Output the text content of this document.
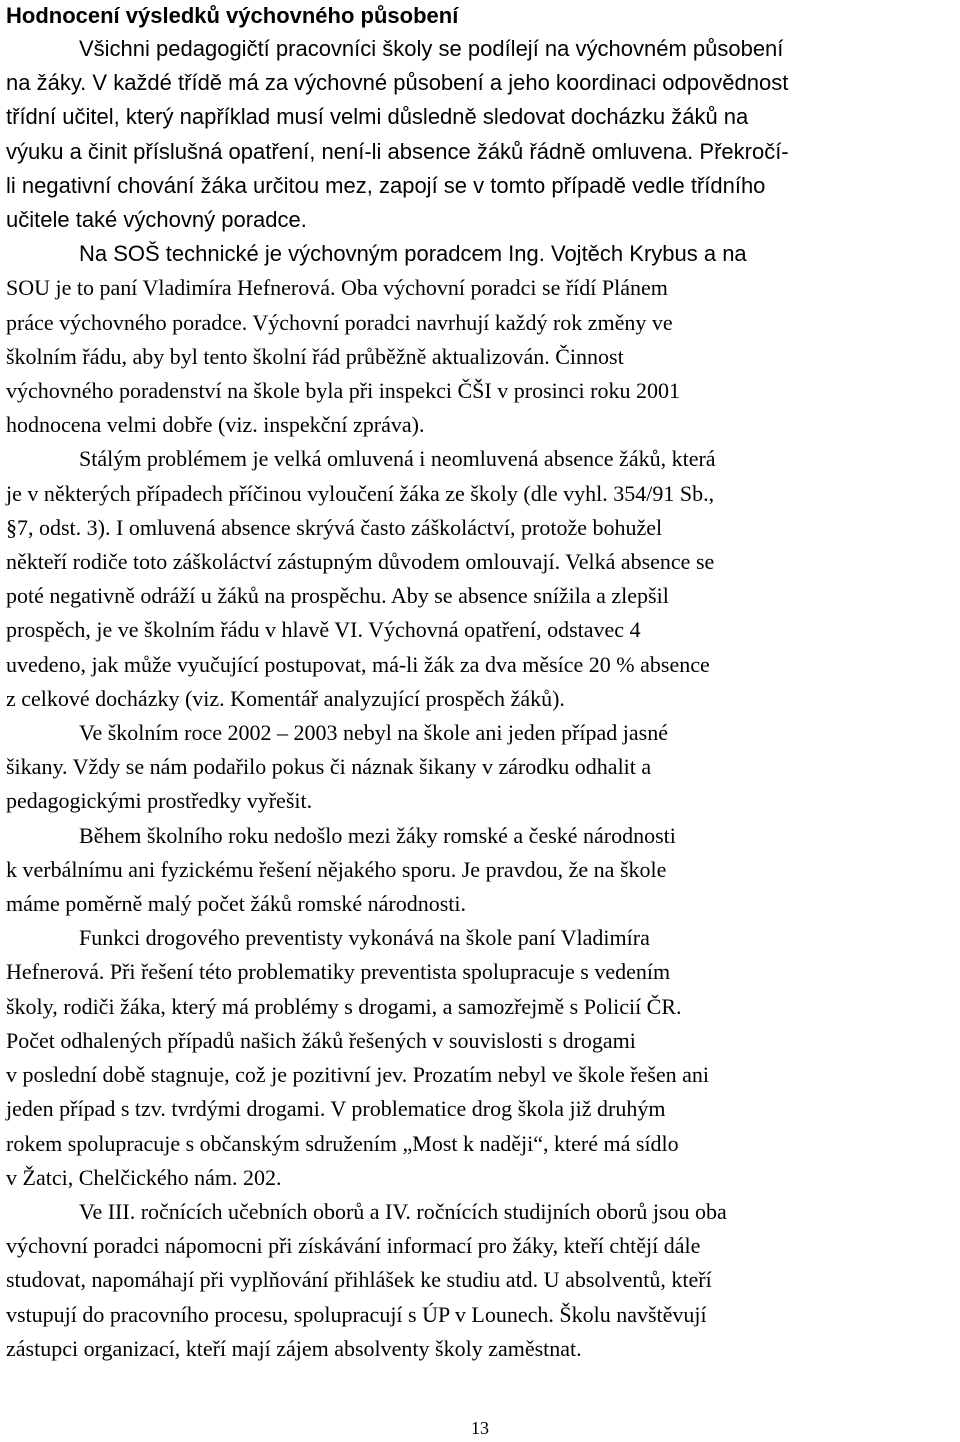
Hodnocení výsledků výchovného působení
Všichni pedagogičtí pracovníci školy se podílejí na výchovném působení
na žáky. V každé třídě má za výchovné působení a jeho koordinaci odpovědnost
třídní učitel, který například musí velmi důsledně sledovat docházku žáků na
výuku a činit příslušná opatření, není-li absence žáků řádně omluvena. Překročí-
li negativní chování žáka určitou mez, zapojí se v tomto případě vedle třídního
učitele také výchovný poradce.
Na SOŠ technické je výchovným poradcem Ing. Vojtěch Krybus a na
SOU je to paní Vladimíra Hefnerová. Oba výchovní poradci se řídí Plánem
práce výchovného poradce. Výchovní poradci navrhují každý rok změny ve
školním řádu, aby byl tento školní řád průběžně aktualizován. Činnost
výchovného poradenství na škole byla při inspekci ČŠI v prosinci roku 2001
hodnocena velmi dobře (viz. inspekční zpráva).
Stálým problémem je velká omluvená i neomluvená absence žáků, která
je v některých případech příčinou vyloučení žáka ze školy (dle vyhl. 354/91 Sb.,
§7, odst. 3). I omluvená absence skrývá často záškoláctví, protože bohužel
někteří rodiče toto záškoláctví zástupným důvodem omlouvají. Velká absence se
poté negativně odráží u žáků na prospěchu. Aby se absence snížila a zlepšil
prospěch, je ve školním řádu v hlavě VI. Výchovná opatření, odstavec 4
uvedeno, jak může vyučující postupovat, má-li žák za dva měsíce 20 % absence
z celkové docházky (viz. Komentář analyzující prospěch žáků).
Ve školním roce 2002 – 2003 nebyl na škole ani jeden případ jasné
šikany. Vždy se nám podařilo pokus či náznak šikany v zárodku odhalit a
pedagogickými prostředky vyřešit.
Během školního roku nedošlo mezi žáky romské a české národnosti
k verbálnímu ani fyzickému řešení nějakého sporu. Je pravdou, že na škole
máme poměrně malý počet žáků romské národnosti.
Funkci drogového preventisty vykonává na škole paní Vladimíra
Hefnerová. Při řešení této problematiky preventista spolupracuje s vedením
školy, rodiči žáka, který má problémy s drogami, a samozřejmě s Policií ČR.
Počet odhalených případů našich žáků řešených v souvislosti s drogami
v poslední době stagnuje, což je pozitivní jev. Prozatím nebyl ve škole řešen ani
jeden případ s tzv. tvrdými drogami. V problematice drog škola již druhým
rokem spolupracuje s občanským sdružením „Most k naději“, které má sídlo
v Žatci, Chelčického nám. 202.
Ve III. ročnících učebních oborů a IV. ročnících studijních oborů jsou oba
výchovní poradci nápomocni při získávání informací pro žáky, kteří chtějí dále
studovat, napomáhají při vyplňování přihlášek ke studiu atd. U absolventů, kteří
vstupují do pracovního procesu, spolupracují s ÚP v Lounech. Školu navštěvují
zástupci organizací, kteří mají zájem absolventy školy zaměstnat.
13
